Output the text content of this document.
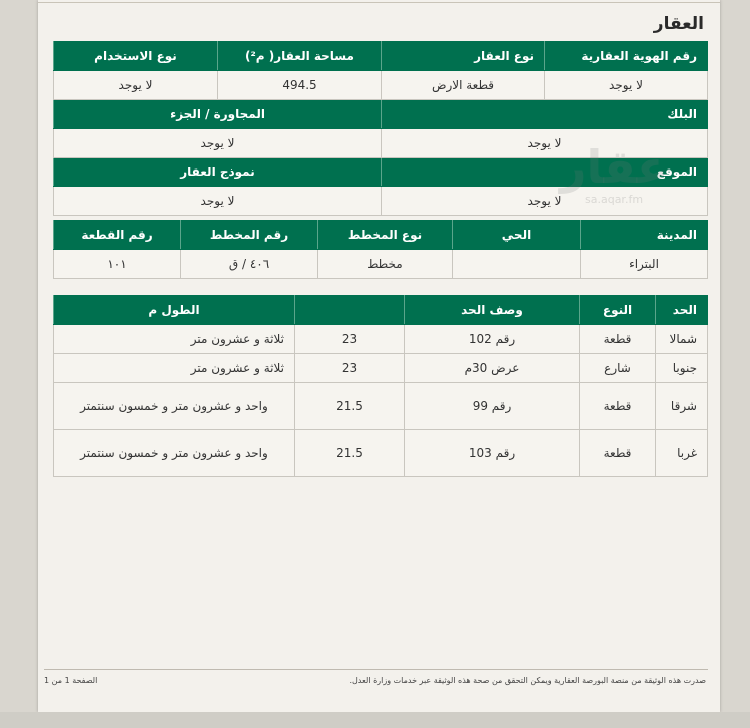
العقار
رقم الهوية العقارية	نوع العقار	مساحة العقار( م²)	نوع الاستخدام
لا يوجد	قطعة الارض	494.5	لا يوجد
البلك		المجاورة / الجزء	
لا يوجد		لا يوجد	
الموقع		نموذج العقار	
لا يوجد		لا يوجد	
المدينة	الحي	نوع المخطط	رقم المخطط	رقم القطعة
البتراء		مخطط	٤٠٦ / ق	١٠١
الحد	النوع	وصف الحد		الطول م
شمالا	قطعة	رقم 102	23	ثلاثة و عشرون متر
جنوبا	شارع	عرض 30م	23	ثلاثة و عشرون متر
شرقا	قطعة	رقم 99	21.5	واحد و عشرون متر و خمسون سنتمتر
غربا	قطعة	رقم 103	21.5	واحد و عشرون متر و خمسون سنتمتر
عقار
sa.aqar.fm
صدرت هذه الوثيقة من منصة البورصة العقارية ويمكن التحقق من صحة هذه الوثيقة عبر خدمات وزارة العدل.
الصفحة 1 من 1
